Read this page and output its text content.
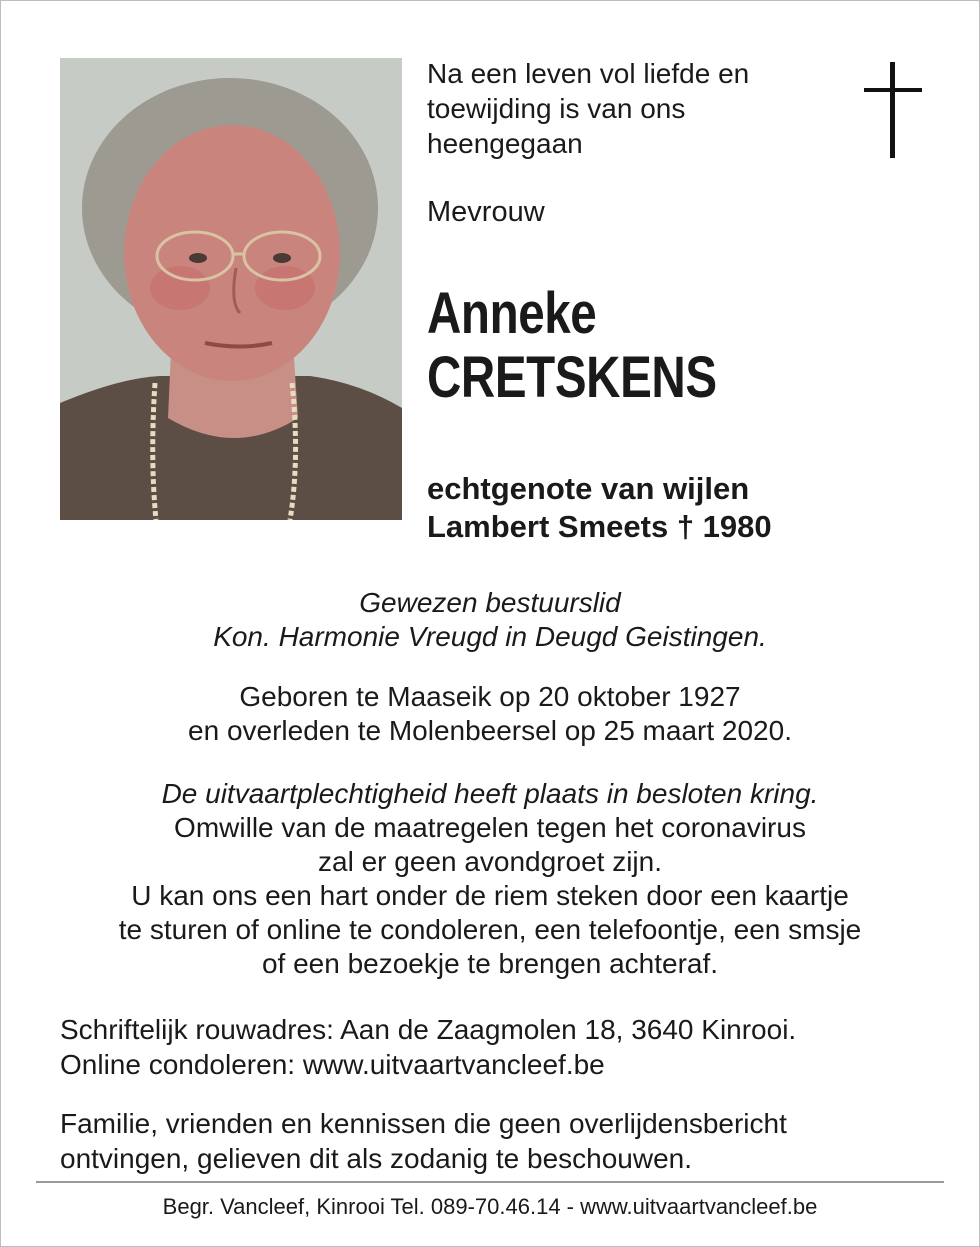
Na een leven vol liefde en
toewijding is van ons
heengegaan
Mevrouw
Anneke
CRETSKENS
echtgenote van wijlen
Lambert Smeets † 1980
Gewezen bestuurslid
Kon. Harmonie Vreugd in Deugd Geistingen.
Geboren te Maaseik op 20 oktober 1927
en overleden te Molenbeersel op 25 maart 2020.
De uitvaartplechtigheid heeft plaats in besloten kring.
Omwille van de maatregelen tegen het coronavirus
zal er geen avondgroet zijn.
U kan ons een hart onder de riem steken door een kaartje
te sturen of online te condoleren, een telefoontje, een smsje
of een bezoekje te brengen achteraf.
Schriftelijk rouwadres: Aan de Zaagmolen 18, 3640 Kinrooi.
Online condoleren: www.uitvaartvancleef.be
Familie, vrienden en kennissen die geen overlijdensbericht
ontvingen, gelieven dit als zodanig te beschouwen.
Begr. Vancleef, Kinrooi Tel. 089-70.46.14 - www.uitvaartvancleef.be
